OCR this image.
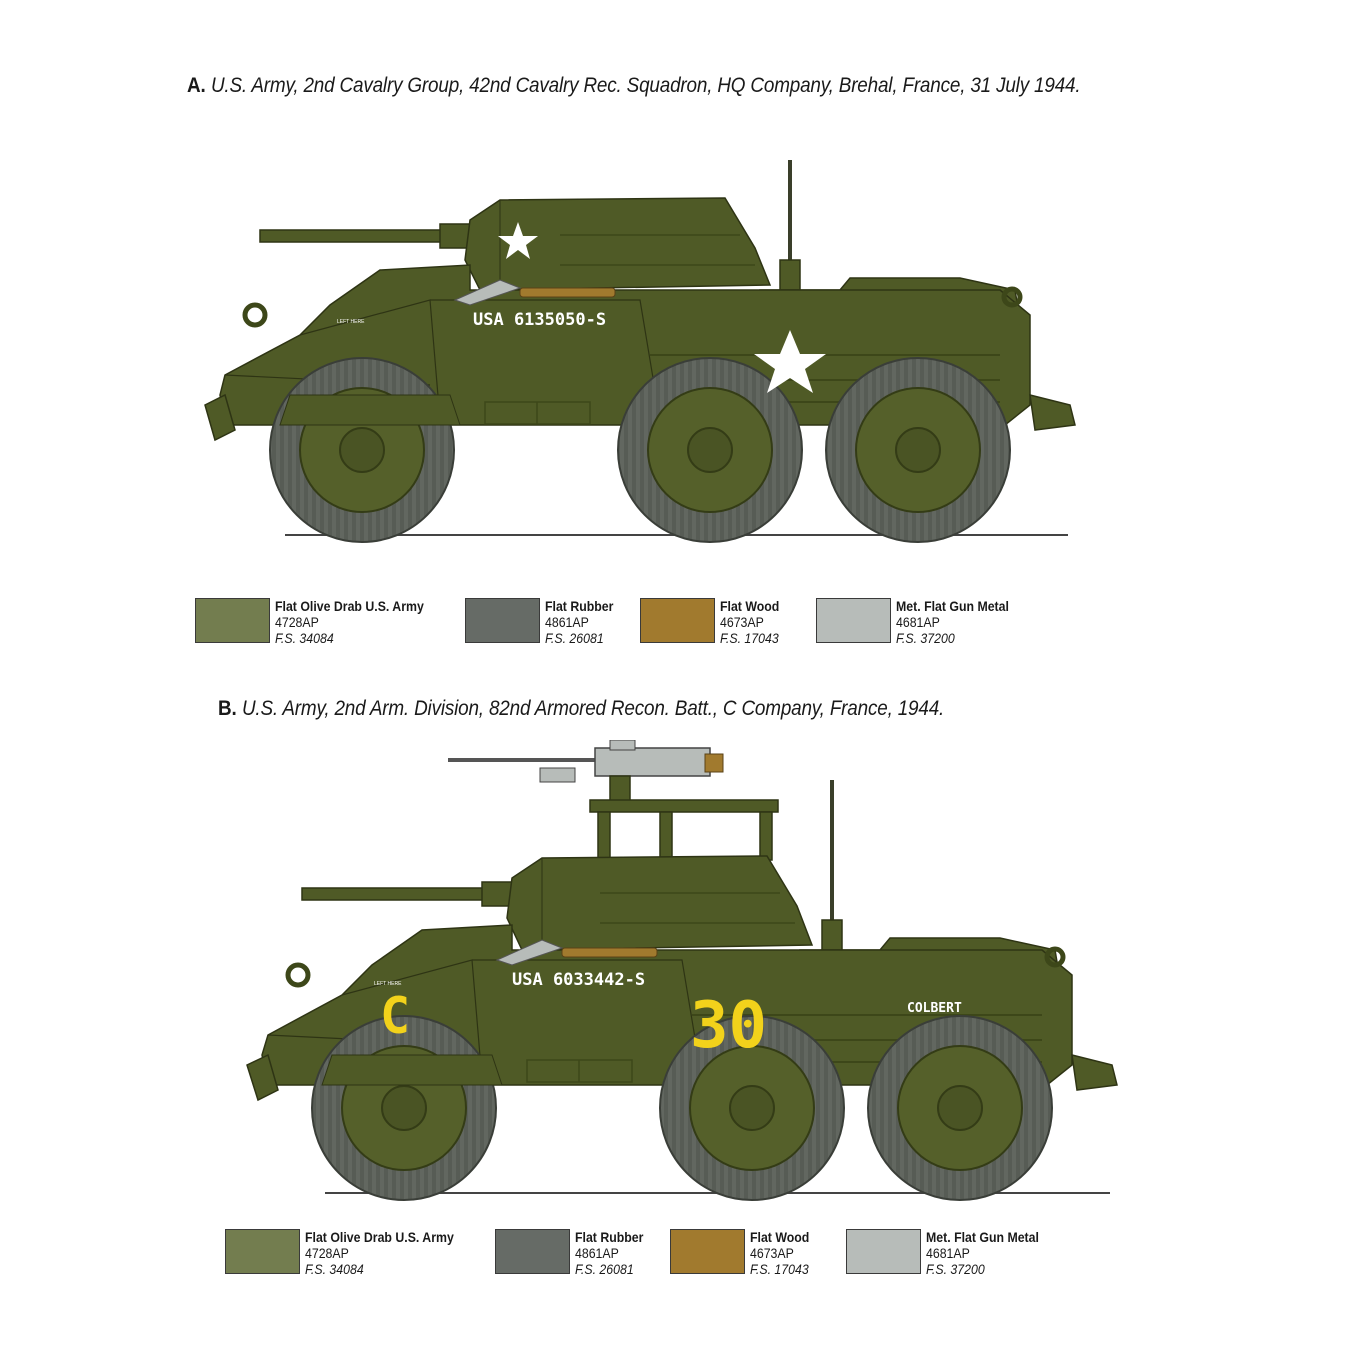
A. U.S. Army, 2nd Cavalry Group, 42nd Cavalry Rec. Squadron, HQ Company, Brehal, France, 31 July 1944.
USA 6135050-S
LEFT HERE
Flat Olive Drab U.S. Army
4728AP
F.S. 34084
Flat Rubber
4861AP
F.S. 26081
Flat Wood
4673AP
F.S. 17043
Met. Flat Gun Metal
4681AP
F.S. 37200
B. U.S. Army, 2nd Arm. Division, 82nd Armored Recon. Batt., C Company, France, 1944.
USA 6033442-S
LEFT HERE
C	30	COLBERT
Flat Olive Drab U.S. Army
4728AP
F.S. 34084
Flat Rubber
4861AP
F.S. 26081
Flat Wood
4673AP
F.S. 17043
Met. Flat Gun Metal
4681AP
F.S. 37200
